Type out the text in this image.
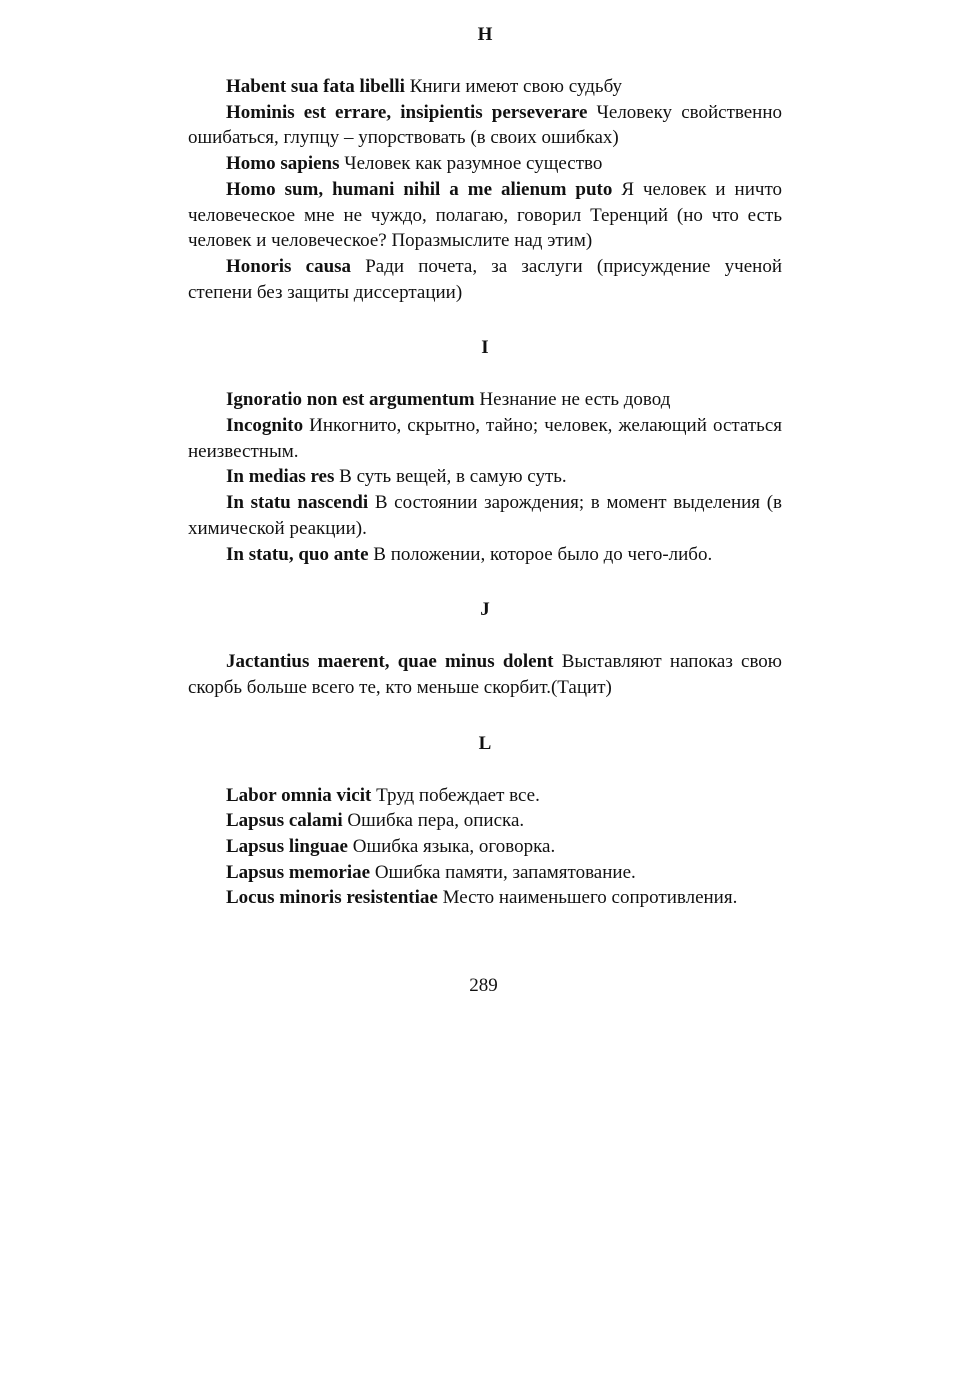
H

Habent sua fata libelli Книги имеют свою судьбу

Hominis est errare, insipientis perseverare Человеку свойственно ошибаться, глупцу – упорствовать (в своих ошибках)

Homo sapiens Человек как разумное существо

Homo sum, humani nihil a me alienum puto Я человек и ничто человеческое мне не чуждо, полагаю, говорил Теренций (но что есть человек и человеческое? Поразмыслите над этим)

Honoris causa Ради почета, за заслуги (присуждение ученой степени без защиты диссертации)

I

Ignoratio non est argumentum Незнание не есть довод

Incognito Инкогнито, скрытно, тайно; человек, желающий остаться неизвестным.

In medias res В суть вещей, в самую суть.

In statu nascendi В состоянии зарождения; в момент выделения (в химической реакции).

In statu, quo ante В положении, которое было до чего-либо.

J

Jactantius maerent, quae minus dolent Выставляют напоказ свою скорбь больше всего те, кто меньше скорбит.(Тацит)

L

Labor omnia vicit Труд побеждает все.

Lapsus calami Ошибка пера, описка.

Lapsus linguae Ошибка языка, оговорка.

Lapsus memoriae Ошибка памяти, запамятование.

Locus minoris resistentiae Место наименьшего сопротивления.

289
